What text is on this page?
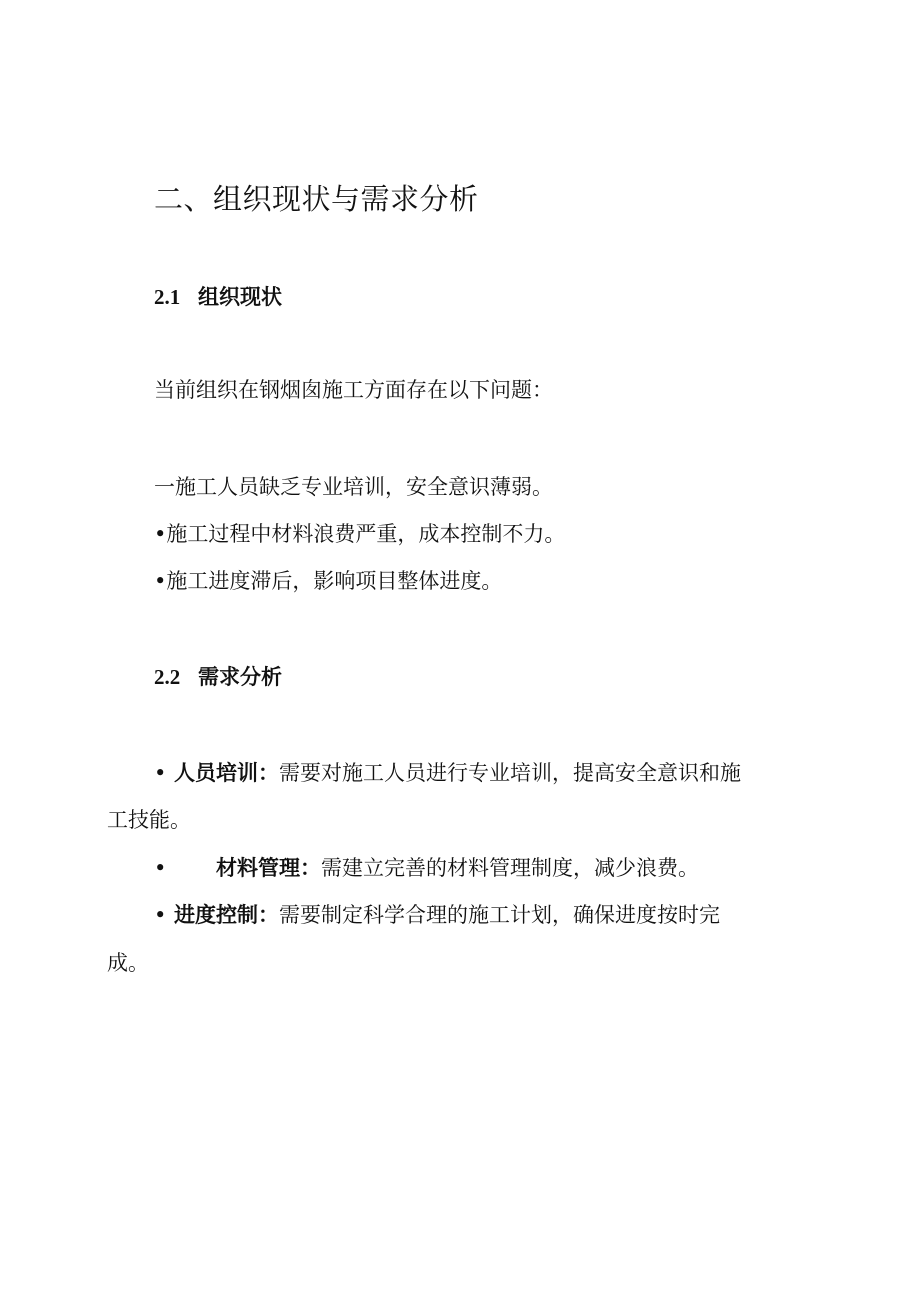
二、组织现状与需求分析
2.1 组织现状
当前组织在钢烟囱施工方面存在以下问题：
一施工人员缺乏专业培训，安全意识薄弱。
•施工过程中材料浪费严重，成本控制不力。
•施工进度滞后，影响项目整体进度。
2.2 需求分析
• 人员培训：需要对施工人员进行专业培训，提高安全意识和施
工技能。
• 材料管理：需建立完善的材料管理制度，减少浪费。
• 进度控制：需要制定科学合理的施工计划，确保进度按时完
成。
